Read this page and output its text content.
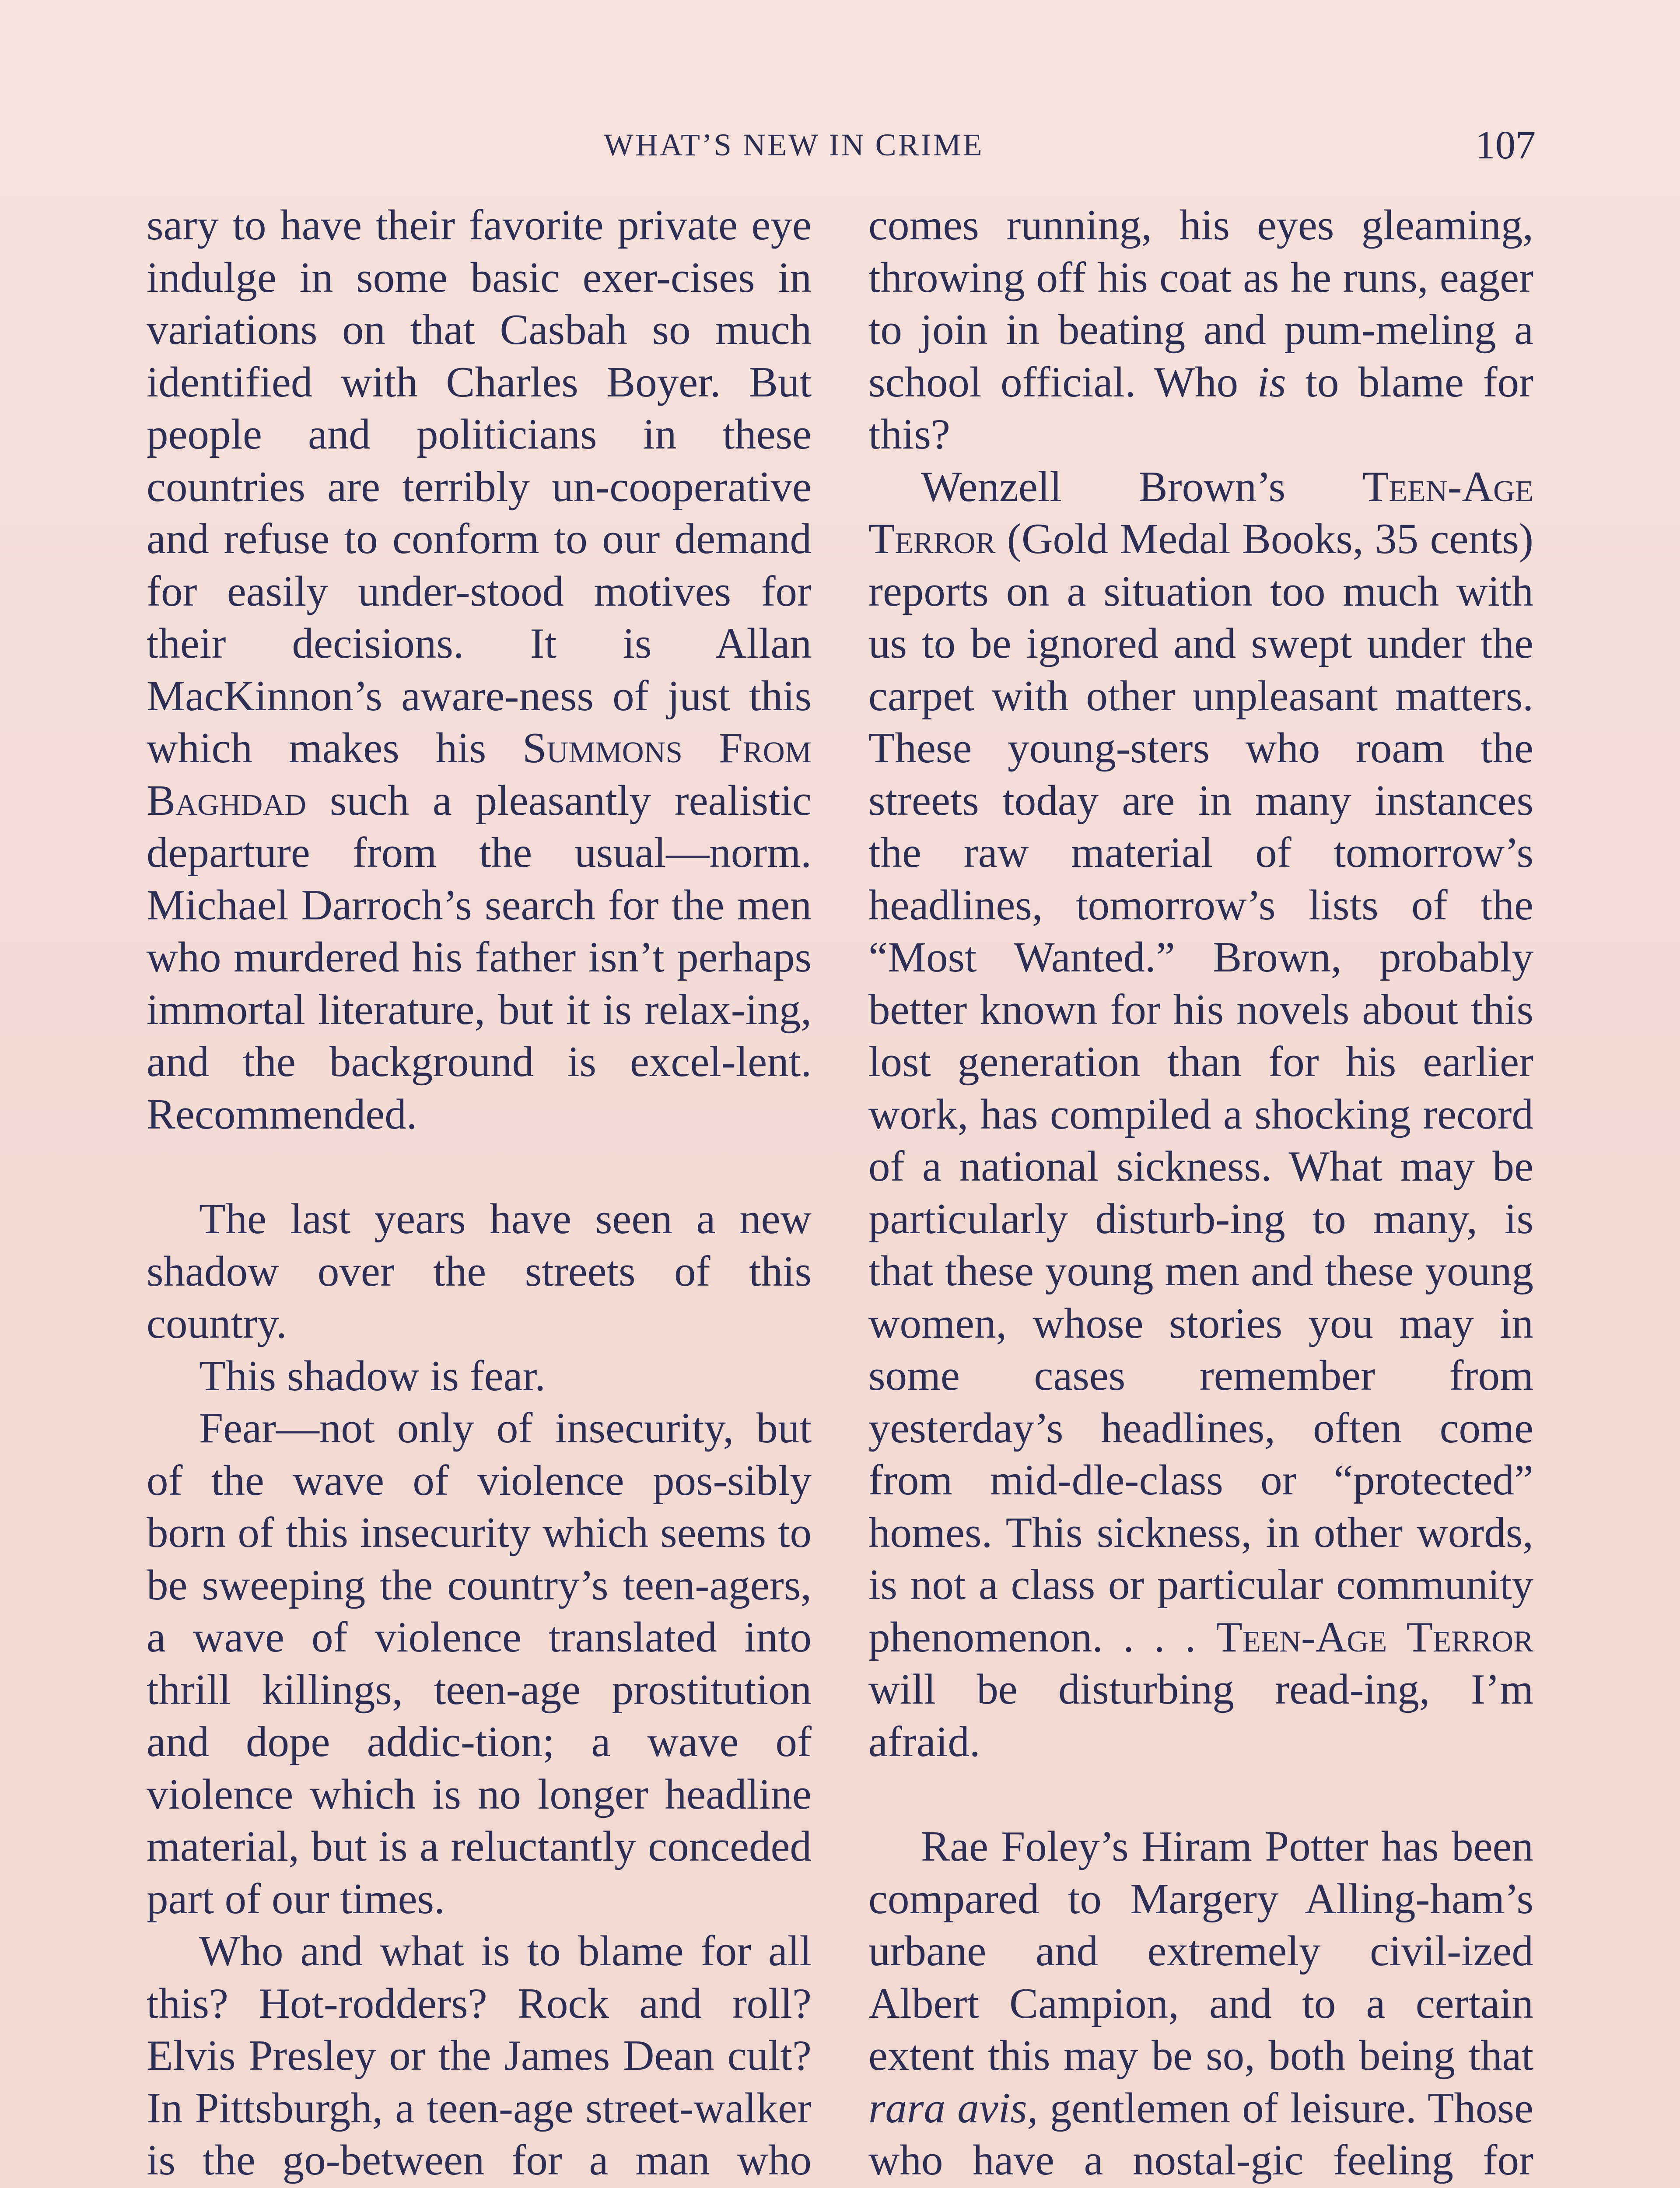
WHAT’S NEW IN CRIME	107

sary to have their favorite private eye indulge in some basic exer-cises in variations on that Casbah so much identified with Charles Boyer. But people and politicians in these countries are terribly un-cooperative and refuse to conform to our demand for easily under-stood motives for their decisions. It is Allan MacKinnon’s aware-ness of just this which makes his Summons From Baghdad such a pleasantly realistic departure from the usual—norm. Michael Darroch’s search for the men who murdered his father isn’t perhaps immortal literature, but it is relax-ing, and the background is excel-lent. Recommended.

The last years have seen a new shadow over the streets of this country.

This shadow is fear.

Fear—not only of insecurity, but of the wave of violence pos-sibly born of this insecurity which seems to be sweeping the country’s teen-agers, a wave of violence translated into thrill killings, teen-age prostitution and dope addic-tion; a wave of violence which is no longer headline material, but is a reluctantly conceded part of our times.

Who and what is to blame for all this? Hot-rodders? Rock and roll? Elvis Presley or the James Dean cult? In Pittsburgh, a teen-age street-walker is the go-between for a man who

comes running, his eyes gleaming, throwing off his coat as he runs, eager to join in beating and pum-meling a school official. Who is to blame for this?

Wenzell Brown’s Teen-Age Terror (Gold Medal Books, 35 cents) reports on a situation too much with us to be ignored and swept under the carpet with other unpleasant matters. These young-sters who roam the streets today are in many instances the raw material of tomorrow’s headlines, tomorrow’s lists of the “Most Wanted.” Brown, probably better known for his novels about this lost generation than for his earlier work, has compiled a shocking record of a national sickness. What may be particularly disturb-ing to many, is that these young men and these young women, whose stories you may in some cases remember from yesterday’s headlines, often come from mid-dle-class or “protected” homes. This sickness, in other words, is not a class or particular community phenomenon. . . . Teen-Age Terror will be disturbing read-ing, I’m afraid.

Rae Foley’s Hiram Potter has been compared to Margery Alling-ham’s urbane and extremely civil-ized Albert Campion, and to a certain extent this may be so, both being that rara avis, gentlemen of leisure. Those who have a nostal-gic feeling for
